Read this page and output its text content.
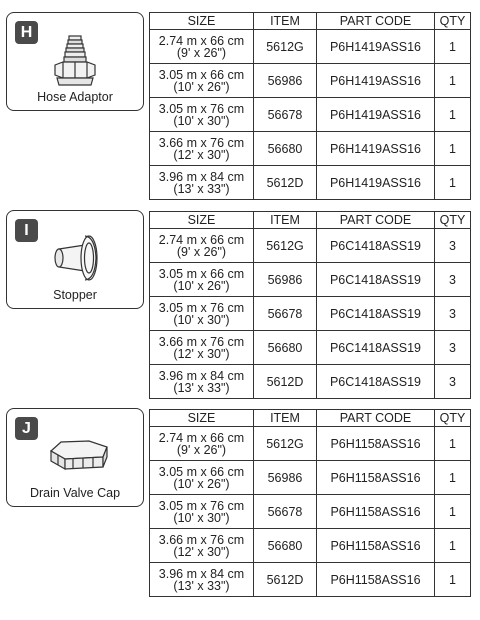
H
Hose Adaptor
SIZE	ITEM	PART CODE	QTY

2.74 m x 66 cm
(9' x 26")	5612G	P6H1419ASS16	1

3.05 m x 66 cm
(10' x 26")	56986	P6H1419ASS16	1

3.05 m x 76 cm
(10' x 30")	56678	P6H1419ASS16	1

3.66 m x 76 cm
(12' x 30")	56680	P6H1419ASS16	1

3.96 m x 84 cm
(13' x 33")	5612D	P6H1419ASS16	1
I
Stopper
SIZE	ITEM	PART CODE	QTY

2.74 m x 66 cm
(9' x 26")	5612G	P6C1418ASS19	3

3.05 m x 66 cm
(10' x 26")	56986	P6C1418ASS19	3

3.05 m x 76 cm
(10' x 30")	56678	P6C1418ASS19	3

3.66 m x 76 cm
(12' x 30")	56680	P6C1418ASS19	3

3.96 m x 84 cm
(13' x 33")	5612D	P6C1418ASS19	3
J
Drain Valve Cap
SIZE	ITEM	PART CODE	QTY

2.74 m x 66 cm
(9' x 26")	5612G	P6H1158ASS16	1

3.05 m x 66 cm
(10' x 26")	56986	P6H1158ASS16	1

3.05 m x 76 cm
(10' x 30")	56678	P6H1158ASS16	1

3.66 m x 76 cm
(12' x 30")	56680	P6H1158ASS16	1

3.96 m x 84 cm
(13' x 33")	5612D	P6H1158ASS16	1
